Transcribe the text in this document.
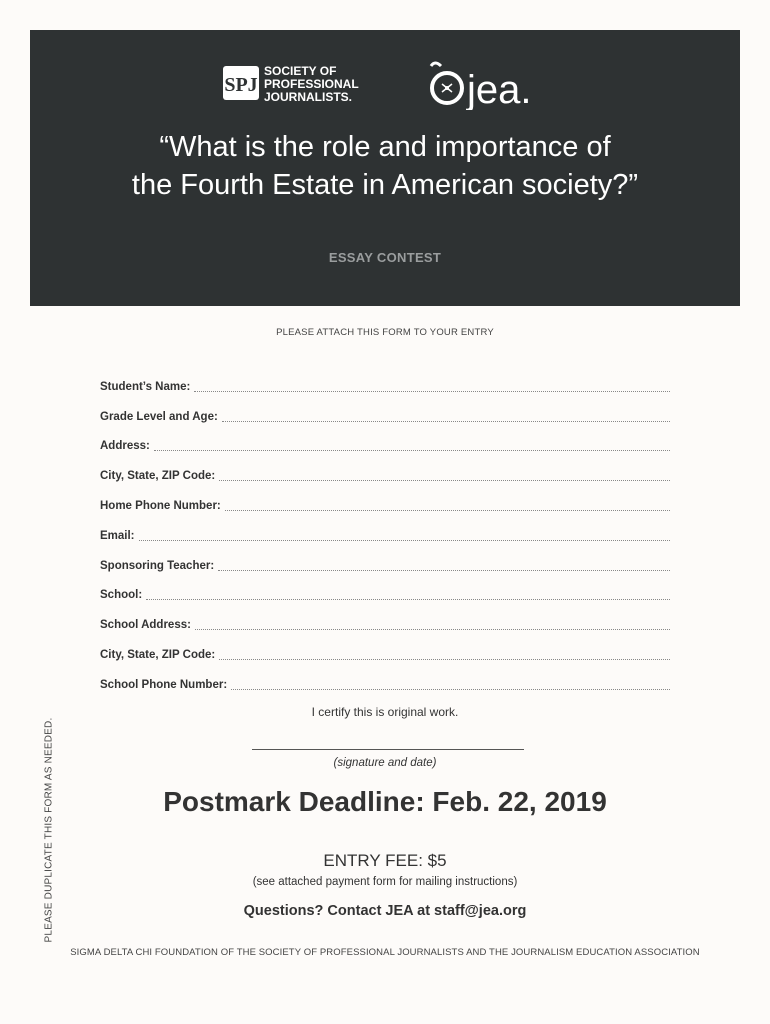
SPJ
SOCIETY OF
PROFESSIONAL
JOURNALISTS.	jea.
“What is the role and importance of
the Fourth Estate in American society?”
ESSAY CONTEST
PLEASE ATTACH THIS FORM TO YOUR ENTRY
Student’s Name:
Grade Level and Age:
Address:
City, State, ZIP Code:
Home Phone Number:
Email:
Sponsoring Teacher:
School:
School Address:
City, State, ZIP Code:
School Phone Number:
I certify this is original work.
(signature and date)
Postmark Deadline: Feb. 22, 2019
ENTRY FEE: $5
(see attached payment form for mailing instructions)
Questions? Contact JEA at staff@jea.org
SIGMA DELTA CHI FOUNDATION OF THE SOCIETY OF PROFESSIONAL JOURNALISTS AND THE JOURNALISM EDUCATION ASSOCIATION
PLEASE DUPLICATE THIS FORM AS NEEDED.
